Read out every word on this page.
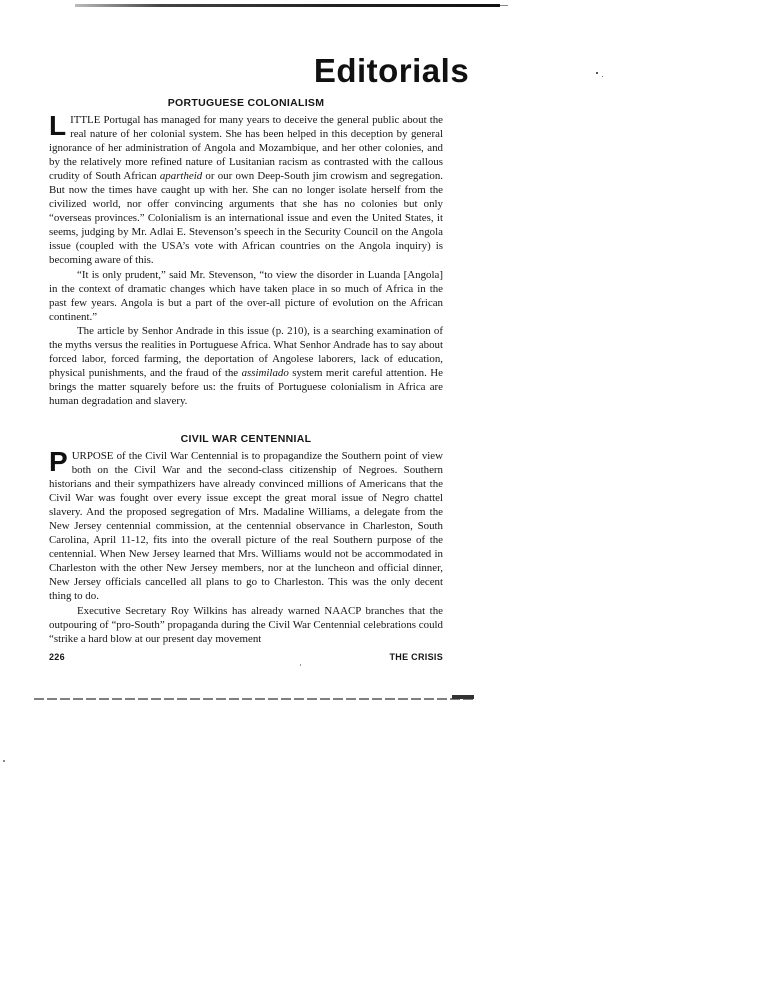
Editorials
PORTUGUESE COLONIALISM

LITTLE Portugal has managed for many years to deceive the general public about the real nature of her colonial system. She has been helped in this deception by general ignorance of her administration of Angola and Mozambique, and her other colonies, and by the relatively more refined nature of Lusitanian racism as contrasted with the callous crudity of South African apartheid or our own Deep-South jim crowism and segregation. But now the times have caught up with her. She can no longer isolate herself from the civilized world, nor offer convincing arguments that she has no colonies but only “overseas provinces.” Colonialism is an international issue and even the United States, it seems, judging by Mr. Adlai E. Stevenson’s speech in the Security Council on the Angola issue (coupled with the USA’s vote with African countries on the Angola inquiry) is becoming aware of this.

“It is only prudent,” said Mr. Stevenson, “to view the disorder in Luanda [Angola] in the context of dramatic changes which have taken place in so much of Africa in the past few years. Angola is but a part of the over-all picture of evolution on the African continent.”

The article by Senhor Andrade in this issue (p. 210), is a searching examination of the myths versus the realities in Portuguese Africa. What Senhor Andrade has to say about forced labor, forced farming, the deportation of Angolese laborers, lack of education, physical punishments, and the fraud of the assimilado system merit careful attention. He brings the matter squarely before us: the fruits of Portuguese colonialism in Africa are human degradation and slavery.

CIVIL WAR CENTENNIAL

PURPOSE of the Civil War Centennial is to propagandize the Southern point of view both on the Civil War and the second-class citizenship of Negroes. Southern historians and their sympathizers have already convinced millions of Americans that the Civil War was fought over every issue except the great moral issue of Negro chattel slavery. And the proposed segregation of Mrs. Madaline Williams, a delegate from the New Jersey centennial commission, at the centennial observance in Charleston, South Carolina, April 11-12, fits into the overall picture of the real Southern purpose of the centennial. When New Jersey learned that Mrs. Williams would not be accommodated in Charleston with the other New Jersey members, nor at the luncheon and official dinner, New Jersey officials cancelled all plans to go to Charleston. This was the only decent thing to do.

Executive Secretary Roy Wilkins has already warned NAACP branches that the outpouring of “pro-South” propaganda during the Civil War Centennial celebrations could “strike a hard blow at our present day movement

226	THE CRISIS
